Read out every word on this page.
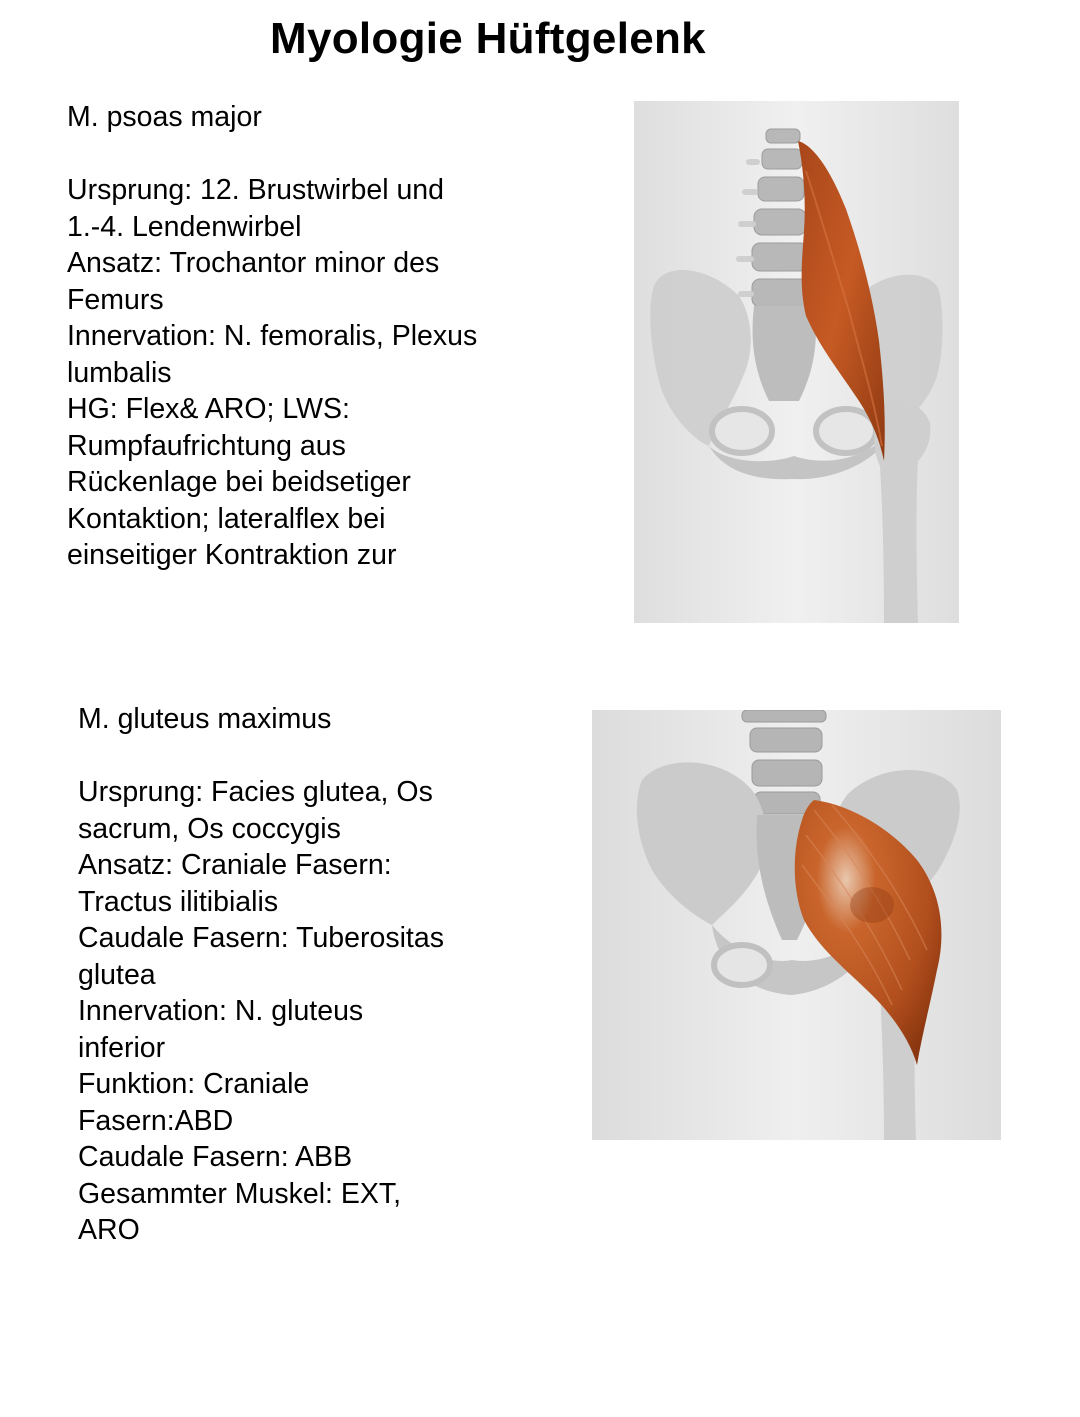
Myologie Hüftgelenk
M. psoas major
Ursprung: 12. Brustwirbel und
1.-4. Lendenwirbel
Ansatz: Trochantor minor des
Femurs
Innervation: N. femoralis, Plexus
lumbalis
HG: Flex& ARO; LWS:
Rumpfaufrichtung aus
Rückenlage bei beidsetiger
Kontaktion; lateralflex bei
einseitiger Kontraktion zur
M. gluteus maximus
Ursprung: Facies glutea, Os
sacrum, Os coccygis
Ansatz: Craniale Fasern:
Tractus ilitibialis
Caudale Fasern: Tuberositas
glutea
Innervation: N. gluteus
inferior
Funktion: Craniale
Fasern:ABD
Caudale Fasern: ABB
Gesammter Muskel: EXT,
ARO
